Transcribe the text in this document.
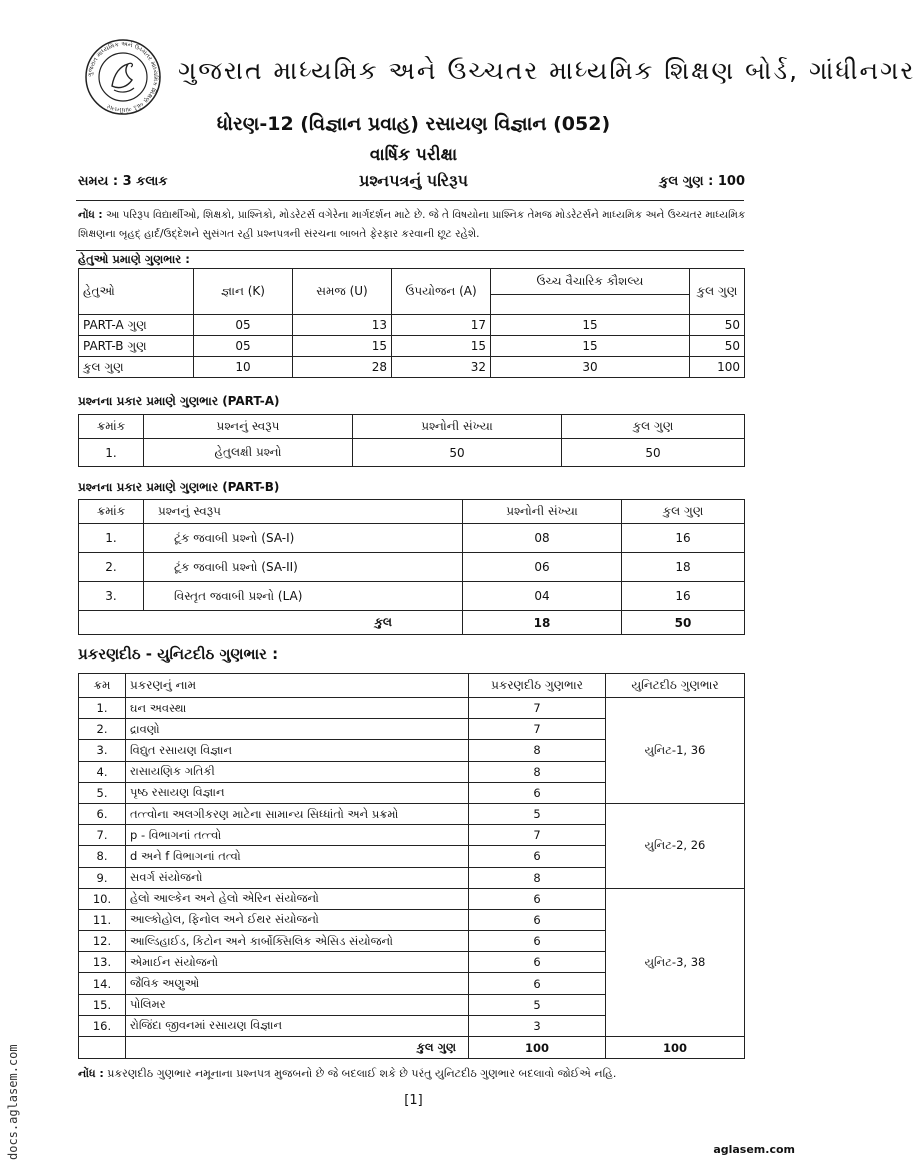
ગુજરાત માધ્યમિક અને ઉચ્ચતર માધ્યમિક શિક્ષણ બોર્ડ ગાંધીનગર
ગુજરાત માધ્યમિક અને ઉચ્ચતર માધ્યમિક શિક્ષણ બોર્ડ, ગાંધીનગર
ધોરણ-12 (વિજ્ઞાન પ્રવાહ) રસાયણ વિજ્ઞાન (052)
વાર્ષિક પરીક્ષા
સમય : 3 કલાક	પ્રશ્નપત્રનું પરિરૂપ	કુલ ગુણ : 100
નોંધ : આ પરિરૂપ વિદ્યાર્થીઓ, શિક્ષકો, પ્રાશ્નિકો, મોડરેટર્સ વગેરેના માર્ગદર્શન માટે છે. જે તે વિષયોના પ્રાશ્નિક તેમજ મોડરેટર્સને માધ્યમિક અને ઉચ્ચતર માધ્યમિક શિક્ષણના બૃહદ્ હાર્દ/ઉદ્દેશને સુસંગત રહી પ્રશ્નપત્રની સંરચના બાબતે ફેરફાર કરવાની છૂટ રહેશે.
હેતુઓ પ્રમાણે ગુણભાર :
હેતુઓ	જ્ઞાન (K)	સમજ (U)	ઉપયોજન (A)	ઉચ્ચ વૈચારિક કૌશલ્ય	કુલ ગુણ

PART-A ગુણ	05	13	17	15	50
PART-B ગુણ	05	15	15	15	50
કુલ ગુણ	10	28	32	30	100
પ્રશ્નના પ્રકાર પ્રમાણે ગુણભાર (PART-A)
ક્રમાંક	પ્રશ્નનું સ્વરૂપ	પ્રશ્નોની સંખ્યા	કુલ ગુણ
1.	હેતુલક્ષી પ્રશ્નો	50	50
પ્રશ્નના પ્રકાર પ્રમાણે ગુણભાર (PART-B)
ક્રમાંક	પ્રશ્નનું સ્વરૂપ	પ્રશ્નોની સંખ્યા	કુલ ગુણ
1.	ટૂંક જવાબી પ્રશ્નો (SA-I)	08	16
2.	ટૂંક જવાબી પ્રશ્નો (SA-II)	06	18
3.	વિસ્તૃત જવાબી પ્રશ્નો (LA)	04	16
કુલ		18	50
પ્રકરણદીઠ - યુનિટદીઠ ગુણભાર :
ક્રમ	પ્રકરણનું નામ	પ્રકરણદીઠ ગુણભાર	યુનિટદીઠ ગુણભાર
1.	ઘન અવસ્થા	7	યુનિટ-1, 36
2.	દ્રાવણો	7	
3.	વિદ્યુત રસાયણ વિજ્ઞાન	8	
4.	રાસાયણિક ગતિકી	8	
5.	પૃષ્ઠ રસાયણ વિજ્ઞાન	6	
6.	તત્ત્વોના અલગીકરણ માટેના સામાન્ય સિધ્ધાંતો અને પ્રક્રમો	5	યુનિટ-2, 26
7.	p - વિભાગનાં તત્ત્વો	7	
8.	d અને f વિભાગનાં તત્વો	6	
9.	સવર્ગ સંયોજનો	8	
10.	હેલો આલ્કેન અને હેલો એરિન સંયોજનો	6	યુનિટ-3, 38
11.	આલ્કોહોલ, ફિનોલ અને ઈથર સંયોજનો	6	
12.	આલ્ડિહાઈડ, કિટોન અને કાર્બોક્સિલિક એસિડ સંયોજનો	6	
13.	એમાઈન સંયોજનો	6	
14.	જૈવિક અણુઓ	6	
15.	પોલિમર	5	
16.	રોજિંદા જીવનમાં રસાયણ વિજ્ઞાન	3	
	કુલ ગુણ	100	100
નોંધ : પ્રકરણદીઠ ગુણભાર નમૂનાના પ્રશ્નપત્ર મુજબનો છે જે બદલાઈ શકે છે પરંતુ યુનિટદીઠ ગુણભાર બદલાવો જોઈએ નહિ.
[1]
aglasem.com
docs.aglasem.com
